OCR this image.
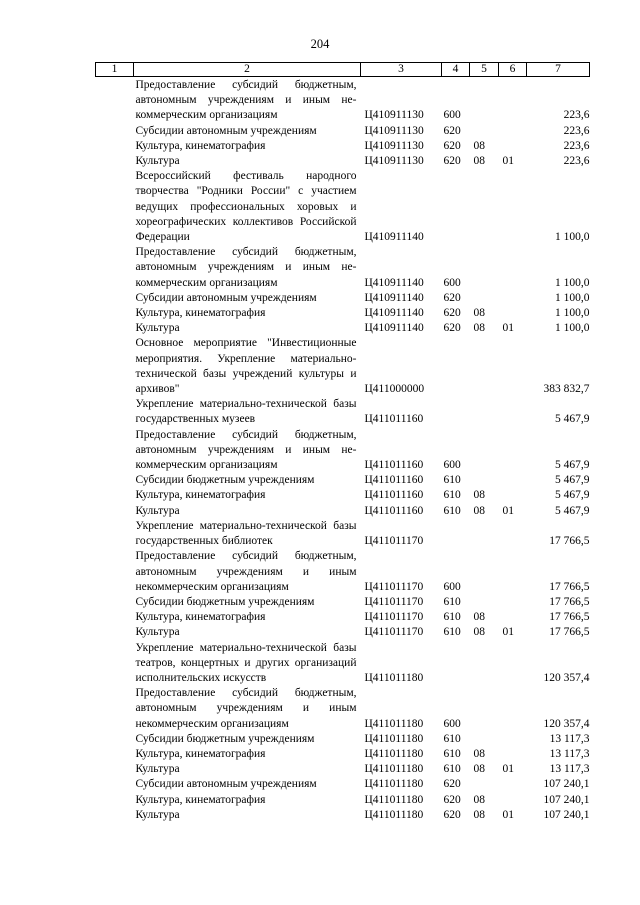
204
1	2	3	4	5	6	7
	Предоставление субсидий бюджетным, автономным учреждениям и иным не-коммерческим организациям	Ц410911130	600			223,6
	Субсидии автономным учреждениям	Ц410911130	620			223,6
	Культура, кинематография	Ц410911130	620	08		223,6
	Культура	Ц410911130	620	08	01	223,6
	Всероссийский фестиваль народного творчества "Родники России" с участием ведущих профессиональных хоровых и хореографических коллективов Российской Федерации	Ц410911140				1 100,0
	Предоставление субсидий бюджетным, автономным учреждениям и иным не-коммерческим организациям	Ц410911140	600			1 100,0
	Субсидии автономным учреждениям	Ц410911140	620			1 100,0
	Культура, кинематография	Ц410911140	620	08		1 100,0
	Культура	Ц410911140	620	08	01	1 100,0
	Основное мероприятие "Инвестиционные мероприятия. Укрепление материально-технической базы учреждений культуры и архивов"	Ц411000000				383 832,7
	Укрепление материально-технической базы государственных музеев	Ц411011160				5 467,9
	Предоставление субсидий бюджетным, автономным учреждениям и иным не-коммерческим организациям	Ц411011160	600			5 467,9
	Субсидии бюджетным учреждениям	Ц411011160	610			5 467,9
	Культура, кинематография	Ц411011160	610	08		5 467,9
	Культура	Ц411011160	610	08	01	5 467,9
	Укрепление материально-технической базы государственных библиотек	Ц411011170				17 766,5
	Предоставление субсидий бюджетным, автономным учреждениям и иным некоммерческим организациям	Ц411011170	600			17 766,5
	Субсидии бюджетным учреждениям	Ц411011170	610			17 766,5
	Культура, кинематография	Ц411011170	610	08		17 766,5
	Культура	Ц411011170	610	08	01	17 766,5
	Укрепление материально-технической базы театров, концертных и других организаций исполнительских искусств	Ц411011180				120 357,4
	Предоставление субсидий бюджетным, автономным учреждениям и иным некоммерческим организациям	Ц411011180	600			120 357,4
	Субсидии бюджетным учреждениям	Ц411011180	610			13 117,3
	Культура, кинематография	Ц411011180	610	08		13 117,3
	Культура	Ц411011180	610	08	01	13 117,3
	Субсидии автономным учреждениям	Ц411011180	620			107 240,1
	Культура, кинематография	Ц411011180	620	08		107 240,1
	Культура	Ц411011180	620	08	01	107 240,1
